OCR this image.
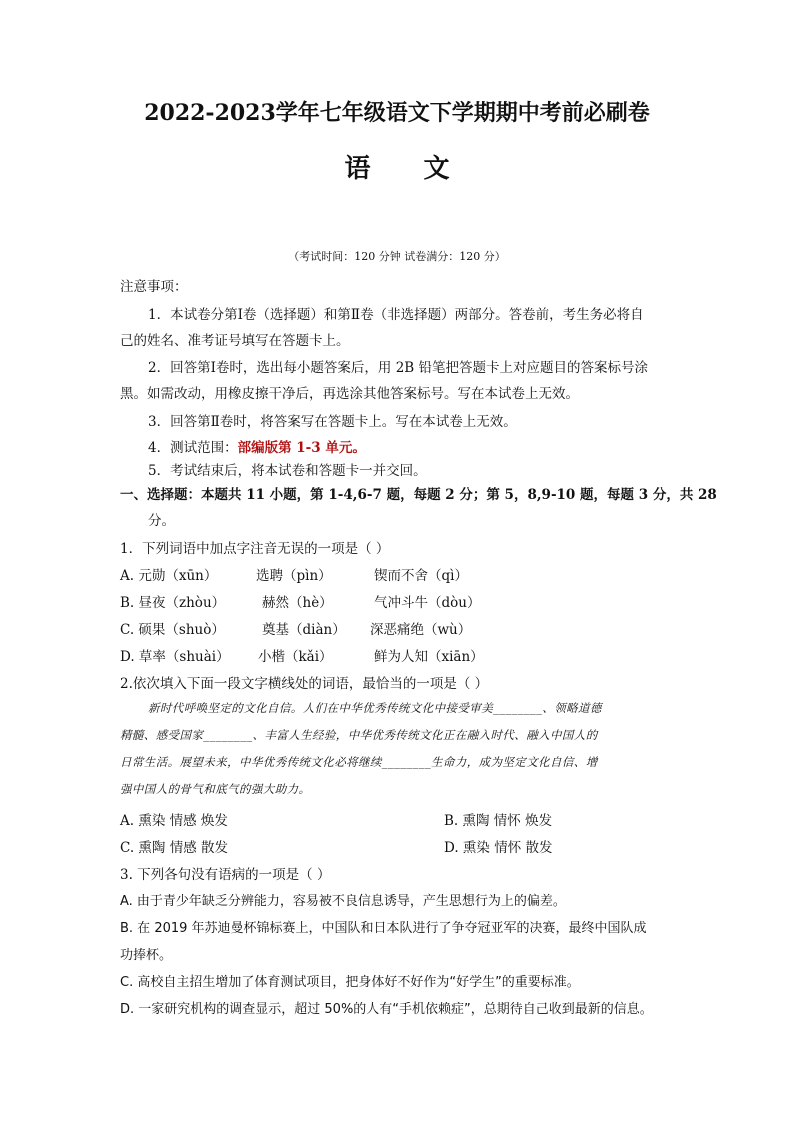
2022-2023学年七年级语文下学期期中考前必刷卷
语 文
（考试时间：120 分钟 试卷满分：120 分）
注意事项：
1．本试卷分第Ⅰ卷（选择题）和第Ⅱ卷（非选择题）两部分。答卷前，考生务必将自
己的姓名、准考证号填写在答题卡上。
2．回答第Ⅰ卷时，选出每小题答案后，用 2B 铅笔把答题卡上对应题目的答案标号涂
黑。如需改动，用橡皮擦干净后，再选涂其他答案标号。写在本试卷上无效。
3．回答第Ⅱ卷时，将答案写在答题卡上。写在本试卷上无效。
4．测试范围：部编版第 1-3 单元。
5．考试结束后，将本试卷和答题卡一并交回。
一、选择题：本题共 11 小题，第 1-4,6-7 题，每题 2 分；第 5，8,9-10 题，每题 3 分，共 28
分。
1．下列词语中加点字注音无误的一项是（ ）
A. 元勋（xūn）	选聘（pìn）	锲而不舍（qì）
B. 昼夜（zhòu）	赫然（hè）	气冲斗牛（dòu）
C. 硕果（shuò）	奠基（diàn） 深恶痛绝（wù）
D. 草率（shuài） 小楷（kǎi）	鲜为人知（xiān）
2.依次填入下面一段文字横线处的词语，最恰当的一项是（ ）
新时代呼唤坚定的文化自信。人们在中华优秀传统文化中接受审美________、领略道德
精髓、感受国家________、丰富人生经验，中华优秀传统文化正在融入时代、融入中国人的
日常生活。展望未来，中华优秀传统文化必将继续________生命力，成为坚定文化自信、增
强中国人的骨气和底气的强大助力。
A. 熏染 情感 焕发	B. 熏陶 情怀 焕发
C. 熏陶 情感 散发	D. 熏染 情怀 散发
3. 下列各句没有语病的一项是（ ）
A. 由于青少年缺乏分辨能力，容易被不良信息诱导，产生思想行为上的偏差。
B. 在 2019 年苏迪曼杯锦标赛上，中国队和日本队进行了争夺冠亚军的决赛，最终中国队成
功捧杯。
C. 高校自主招生增加了体育测试项目，把身体好不好作为“好学生”的重要标准。
D. 一家研究机构的调查显示，超过 50%的人有“手机依赖症”，总期待自己收到最新的信息。
